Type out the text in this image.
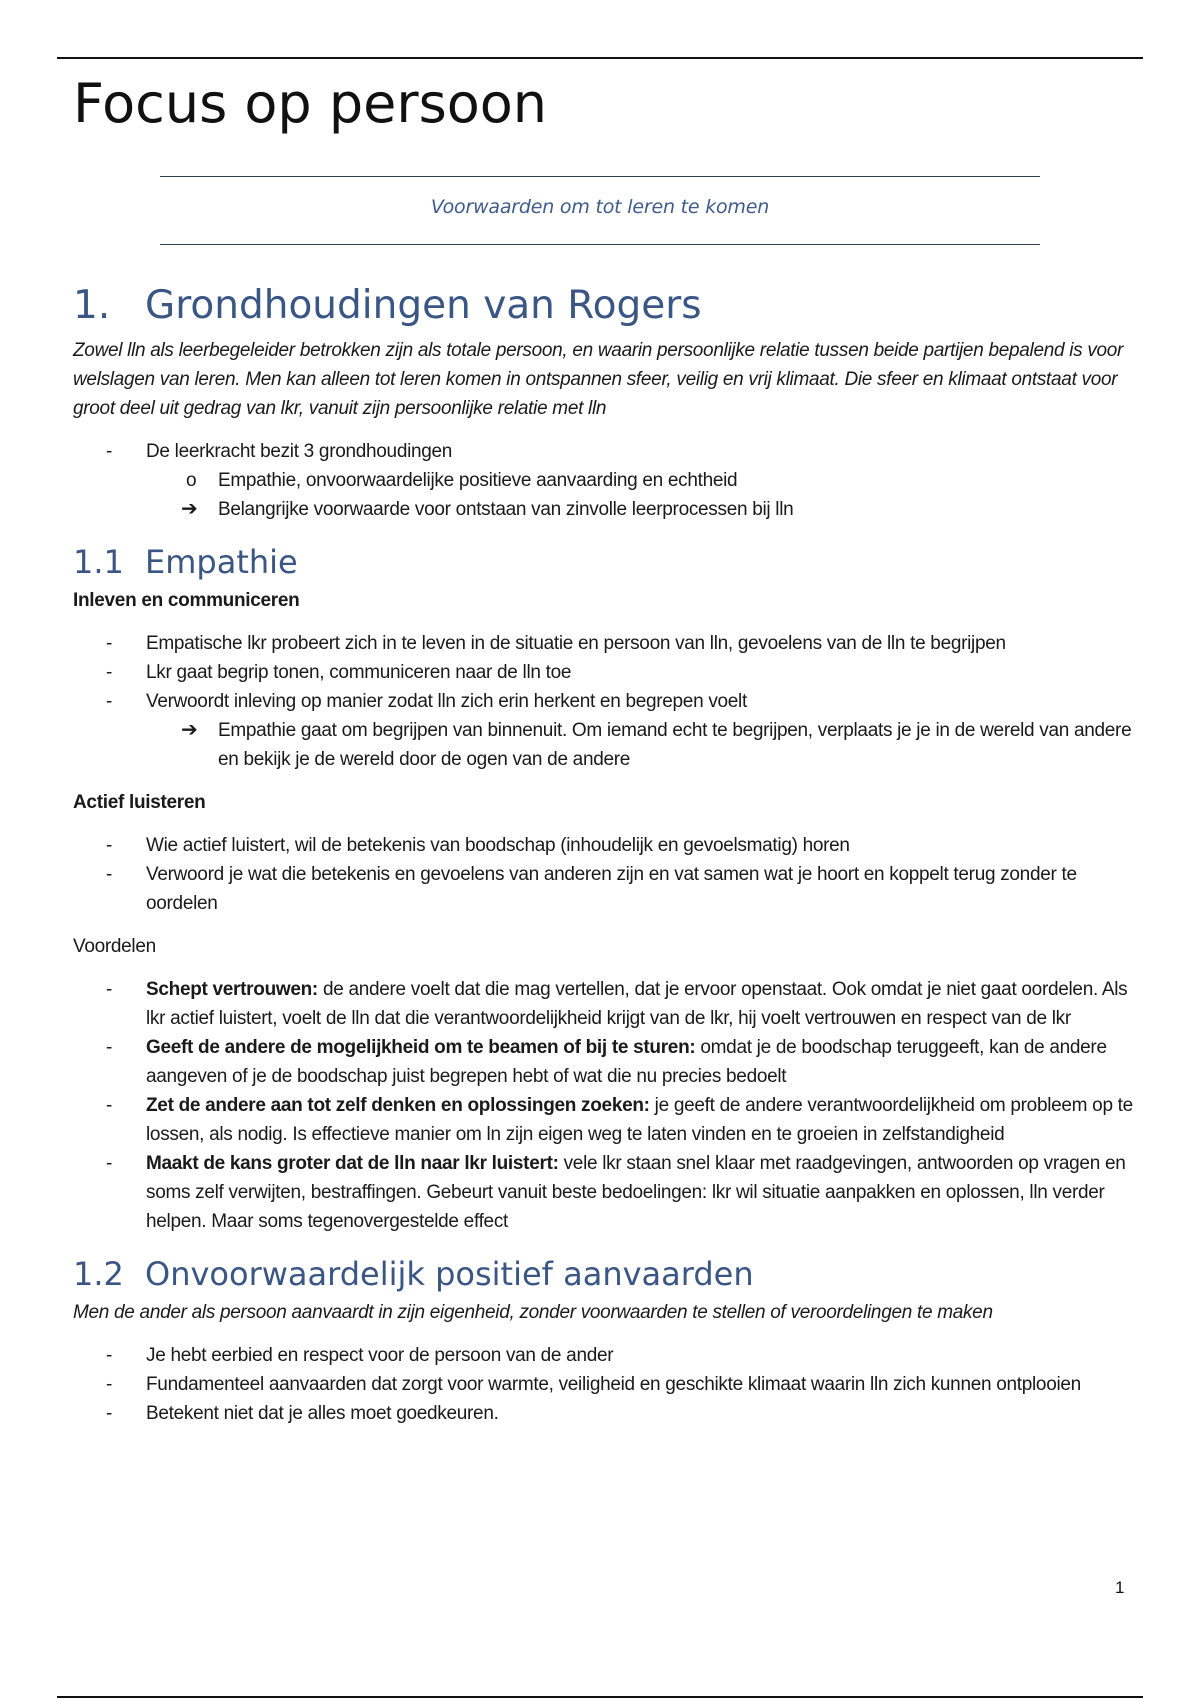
Focus op persoon
Voorwaarden om tot leren te komen
1. Grondhoudingen van Rogers

Zowel lln als leerbegeleider betrokken zijn als totale persoon, en waarin persoonlijke relatie tussen beide partijen bepalend is voor welslagen van leren. Men kan alleen tot leren komen in ontspannen sfeer, veilig en vrij klimaat. Die sfeer en klimaat ontstaat voor groot deel uit gedrag van lkr, vanuit zijn persoonlijke relatie met lln

- De leerkracht bezit 3 grondhoudingen
o Empathie, onvoorwaardelijke positieve aanvaarding en echtheid
➔ Belangrijke voorwaarde voor ontstaan van zinvolle leerprocessen bij lln
1.1 Empathie

Inleven en communiceren

- Empatische lkr probeert zich in te leven in de situatie en persoon van lln, gevoelens van de lln te begrijpen
- Lkr gaat begrip tonen, communiceren naar de lln toe
- Verwoordt inleving op manier zodat lln zich erin herkent en begrepen voelt
➔ Empathie gaat om begrijpen van binnenuit. Om iemand echt te begrijpen, verplaats je je in de wereld van andere en bekijk je de wereld door de ogen van de andere

Actief luisteren

- Wie actief luistert, wil de betekenis van boodschap (inhoudelijk en gevoelsmatig) horen
- Verwoord je wat die betekenis en gevoelens van anderen zijn en vat samen wat je hoort en koppelt terug zonder te oordelen

Voordelen

- Schept vertrouwen: de andere voelt dat die mag vertellen, dat je ervoor openstaat. Ook omdat je niet gaat oordelen. Als lkr actief luistert, voelt de lln dat die verantwoordelijkheid krijgt van de lkr, hij voelt vertrouwen en respect van de lkr
- Geeft de andere de mogelijkheid om te beamen of bij te sturen: omdat je de boodschap teruggeeft, kan de andere aangeven of je de boodschap juist begrepen hebt of wat die nu precies bedoelt
- Zet de andere aan tot zelf denken en oplossingen zoeken: je geeft de andere verantwoordelijkheid om probleem op te lossen, als nodig. Is effectieve manier om ln zijn eigen weg te laten vinden en te groeien in zelfstandigheid
- Maakt de kans groter dat de lln naar lkr luistert: vele lkr staan snel klaar met raadgevingen, antwoorden op vragen en soms zelf verwijten, bestraffingen. Gebeurt vanuit beste bedoelingen: lkr wil situatie aanpakken en oplossen, lln verder helpen. Maar soms tegenovergestelde effect
1.2 Onvoorwaardelijk positief aanvaarden

Men de ander als persoon aanvaardt in zijn eigenheid, zonder voorwaarden te stellen of veroordelingen te maken

- Je hebt eerbied en respect voor de persoon van de ander
- Fundamenteel aanvaarden dat zorgt voor warmte, veiligheid en geschikte klimaat waarin lln zich kunnen ontplooien
- Betekent niet dat je alles moet goedkeuren.
1
